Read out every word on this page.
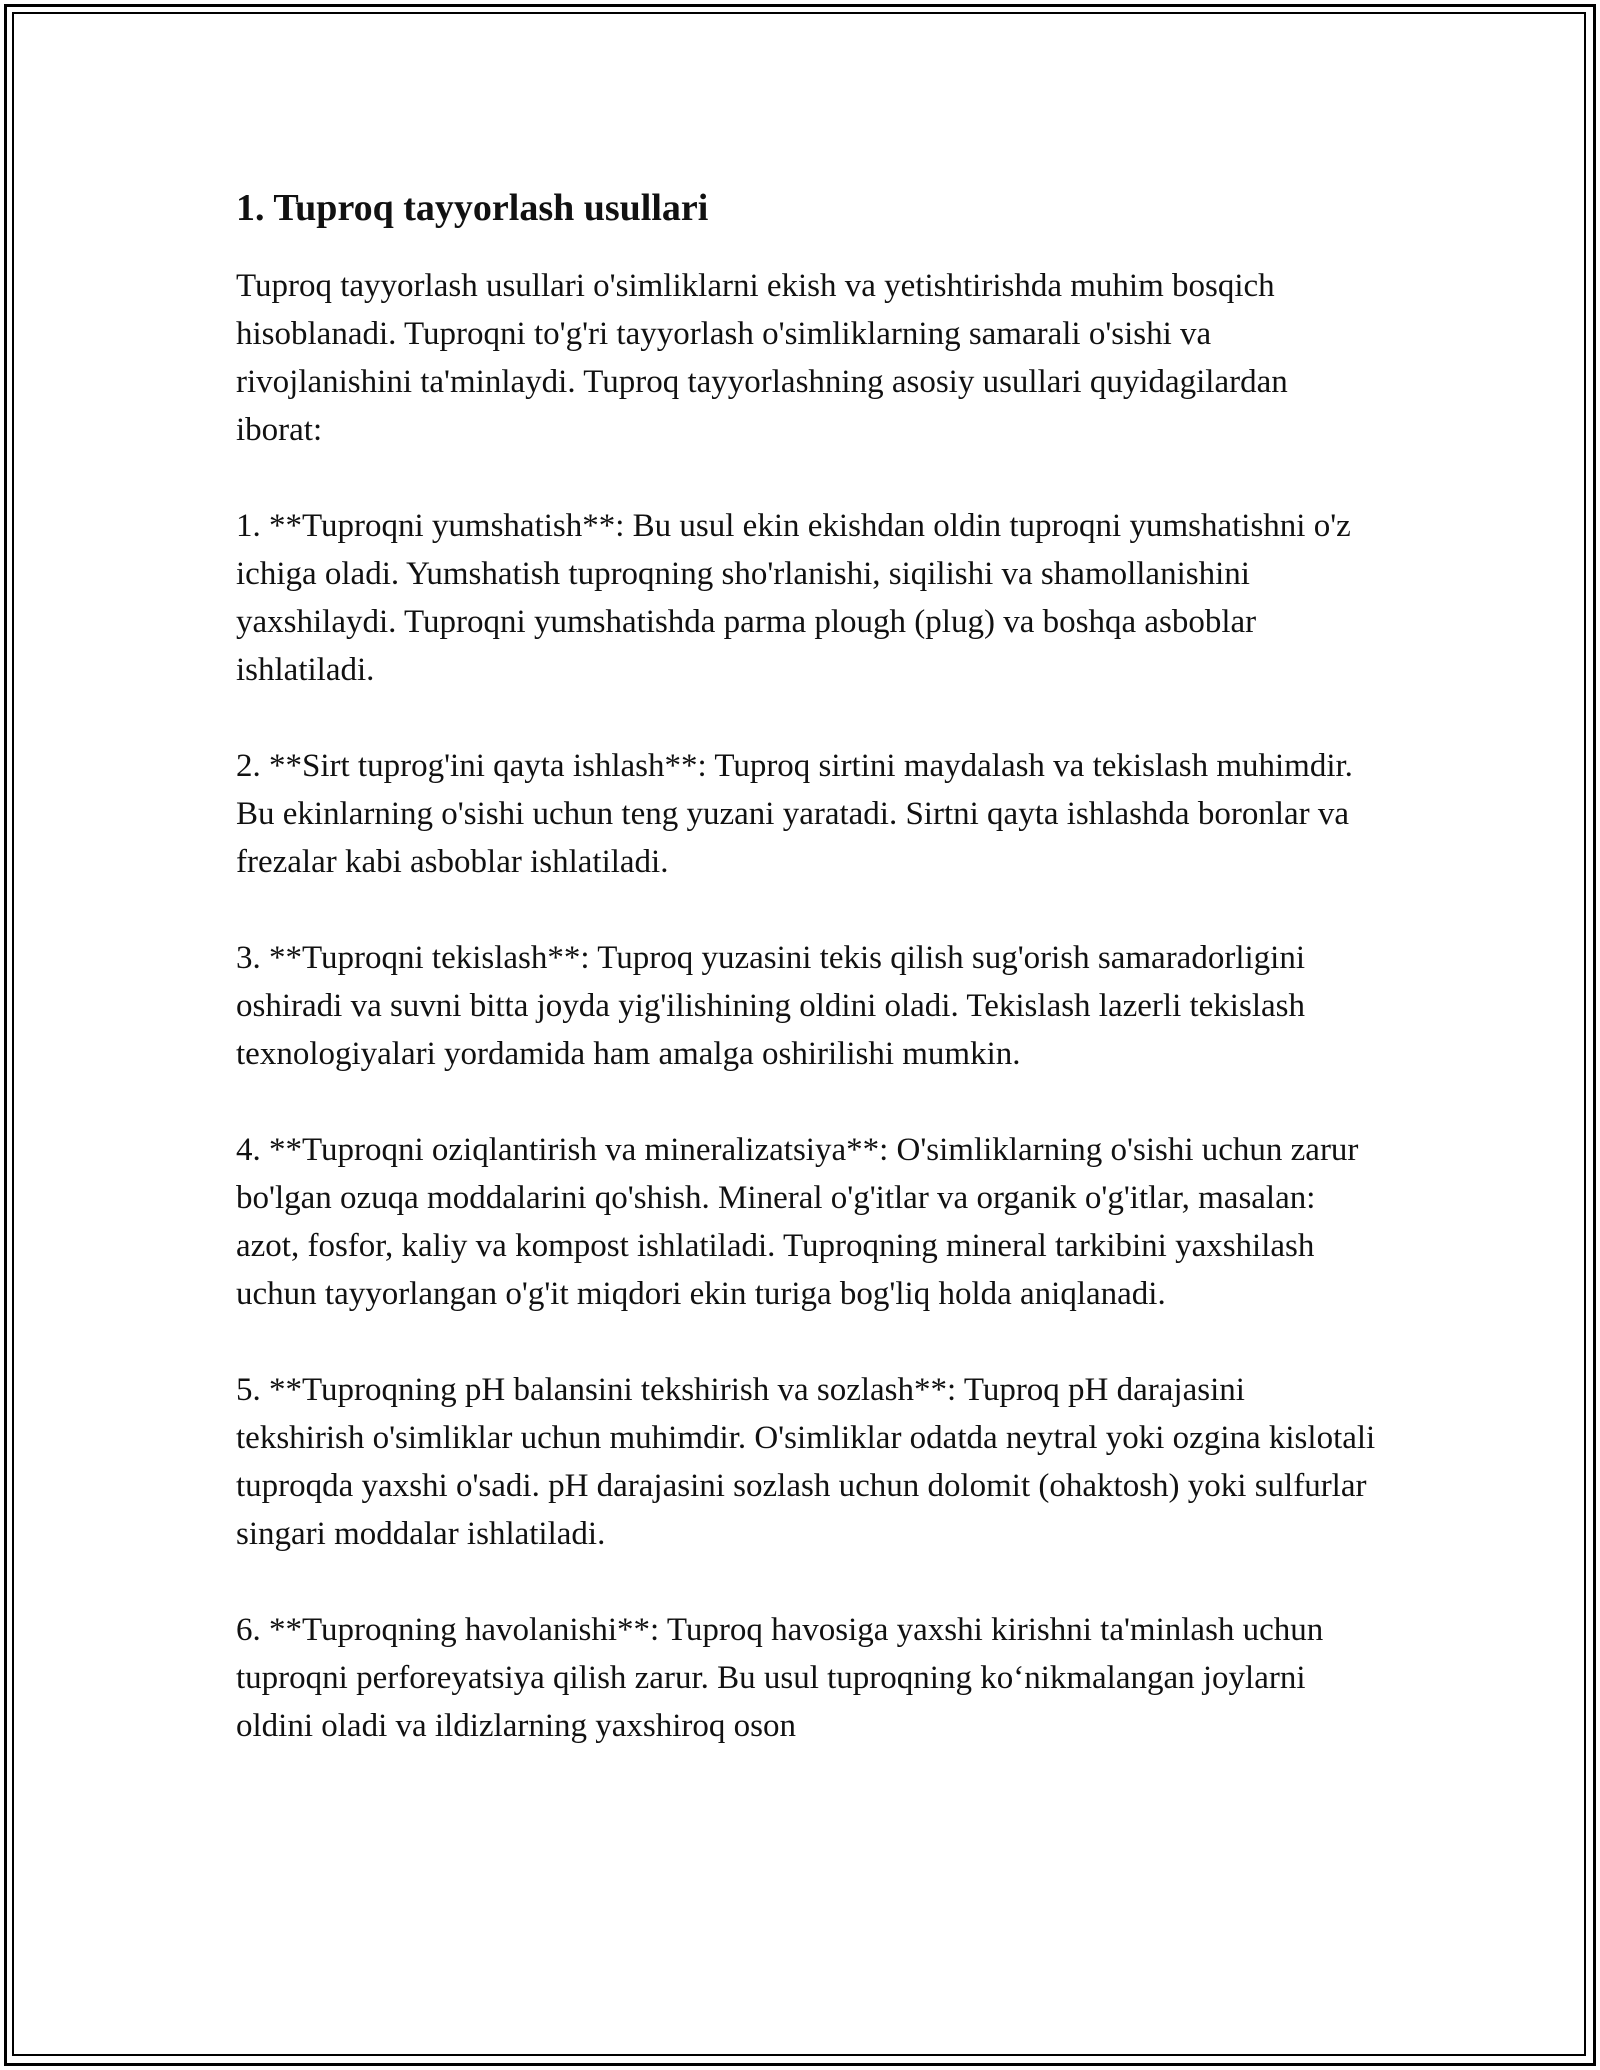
1. Tuproq tayyorlash usullari

Tuproq tayyorlash usullari o'simliklarni ekish va yetishtirishda muhim bosqich hisoblanadi. Tuproqni to'g'ri tayyorlash o'simliklarning samarali o'sishi va rivojlanishini ta'minlaydi. Tuproq tayyorlashning asosiy usullari quyidagilardan iborat:

1. **Tuproqni yumshatish**: Bu usul ekin ekishdan oldin tuproqni yumshatishni o'z ichiga oladi. Yumshatish tuproqning sho'rlanishi, siqilishi va shamollanishini yaxshilaydi. Tuproqni yumshatishda parma plough (plug) va boshqa asboblar ishlatiladi.

2. **Sirt tuprog'ini qayta ishlash**: Tuproq sirtini maydalash va tekislash muhimdir. Bu ekinlarning o'sishi uchun teng yuzani yaratadi. Sirtni qayta ishlashda boronlar va frezalar kabi asboblar ishlatiladi.

3. **Tuproqni tekislash**: Tuproq yuzasini tekis qilish sug'orish samaradorligini oshiradi va suvni bitta joyda yig'ilishining oldini oladi. Tekislash lazerli tekislash texnologiyalari yordamida ham amalga oshirilishi mumkin.

4. **Tuproqni oziqlantirish va mineralizatsiya**: O'simliklarning o'sishi uchun zarur bo'lgan ozuqa moddalarini qo'shish. Mineral o'g'itlar va organik o'g'itlar, masalan: azot, fosfor, kaliy va kompost ishlatiladi. Tuproqning mineral tarkibini yaxshilash uchun tayyorlangan o'g'it miqdori ekin turiga bog'liq holda aniqlanadi.

5. **Tuproqning pH balansini tekshirish va sozlash**: Tuproq pH darajasini tekshirish o'simliklar uchun muhimdir. O'simliklar odatda neytral yoki ozgina kislotali tuproqda yaxshi o'sadi. pH darajasini sozlash uchun dolomit (ohaktosh) yoki sulfurlar singari moddalar ishlatiladi.

6. **Tuproqning havolanishi**: Tuproq havosiga yaxshi kirishni ta'minlash uchun tuproqni perforeyatsiya qilish zarur. Bu usul tuproqning ko‘nikmalangan joylarni oldini oladi va ildizlarning yaxshiroq oson
